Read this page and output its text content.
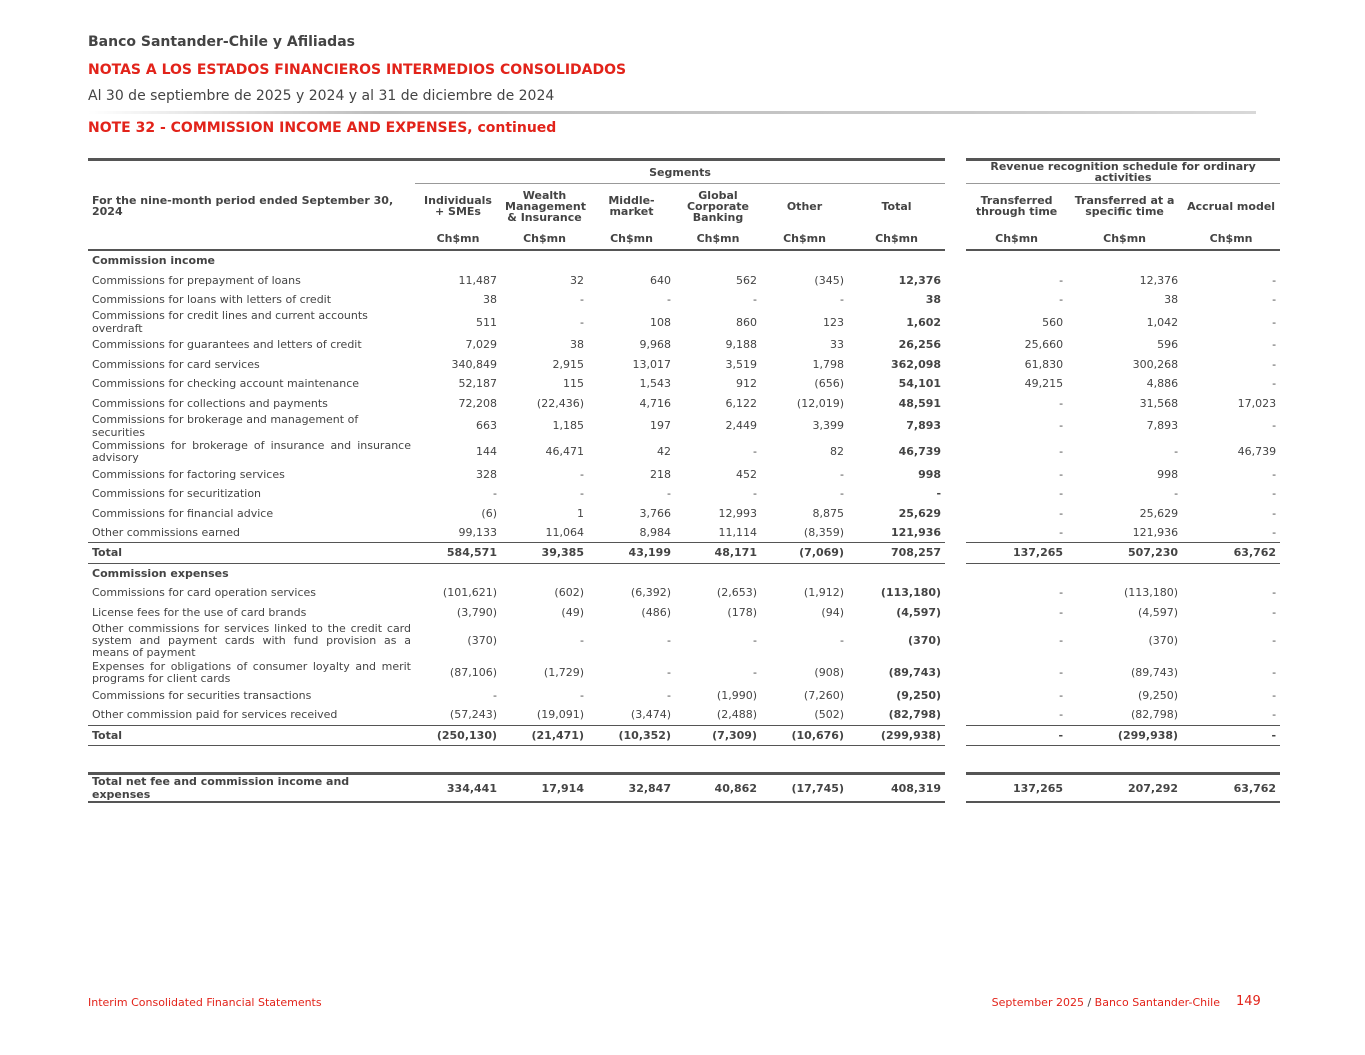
Banco Santander-Chile y Afiliadas
NOTAS A LOS ESTADOS FINANCIEROS INTERMEDIOS CONSOLIDADOS
Al 30 de septiembre de 2025 y 2024 y al 31 de diciembre de 2024
NOTE 32 - COMMISSION INCOME AND EXPENSES, continued
	Segments							Revenue recognition schedule for ordinary activities		
For the nine-month period ended September 30, 2024	Individuals + SMEs	Wealth Management & Insurance	Middle-market	Global Corporate Banking	Other	Total		Transferred through time	Transferred at a specific time	Accrual model
	Ch$mn	Ch$mn	Ch$mn	Ch$mn	Ch$mn	Ch$mn		Ch$mn	Ch$mn	Ch$mn
Commission income										
Commissions for prepayment of loans	11,487	32	640	562	(345)	12,376		-	12,376	-
Commissions for loans with letters of credit	38	-	-	-	-	38		-	38	-
Commissions for credit lines and current accounts overdraft	511	-	108	860	123	1,602		560	1,042	-
Commissions for guarantees and letters of credit	7,029	38	9,968	9,188	33	26,256		25,660	596	-
Commissions for card services	340,849	2,915	13,017	3,519	1,798	362,098		61,830	300,268	-
Commissions for checking account maintenance	52,187	115	1,543	912	(656)	54,101		49,215	4,886	-
Commissions for collections and payments	72,208	(22,436)	4,716	6,122	(12,019)	48,591		-	31,568	17,023
Commissions for brokerage and management of securities	663	1,185	197	2,449	3,399	7,893		-	7,893	-
Commissions for brokerage of insurance and insurance advisory	144	46,471	42	-	82	46,739		-	-	46,739
Commissions for factoring services	328	-	218	452	-	998		-	998	-
Commissions for securitization	-	-	-	-	-	-		-	-	-
Commissions for financial advice	(6)	1	3,766	12,993	8,875	25,629		-	25,629	-
Other commissions earned	99,133	11,064	8,984	11,114	(8,359)	121,936		-	121,936	-
Total	584,571	39,385	43,199	48,171	(7,069)	708,257		137,265	507,230	63,762
Commission expenses										
Commissions for card operation services	(101,621)	(602)	(6,392)	(2,653)	(1,912)	(113,180)		-	(113,180)	-
License fees for the use of card brands	(3,790)	(49)	(486)	(178)	(94)	(4,597)		-	(4,597)	-
Other commissions for services linked to the credit card system and payment cards with fund provision as a means of payment	(370)	-	-	-	-	(370)		-	(370)	-
Expenses for obligations of consumer loyalty and merit programs for client cards	(87,106)	(1,729)	-	-	(908)	(89,743)		-	(89,743)	-
Commissions for securities transactions	-	-	-	(1,990)	(7,260)	(9,250)		-	(9,250)	-
Other commission paid for services received	(57,243)	(19,091)	(3,474)	(2,488)	(502)	(82,798)		-	(82,798)	-
Total	(250,130)	(21,471)	(10,352)	(7,309)	(10,676)	(299,938)		-	(299,938)	-

Total net fee and commission income and expenses	334,441	17,914	32,847	40,862	(17,745)	408,319		137,265	207,292	63,762
Interim Consolidated Financial Statements	September 2025 / Banco Santander-Chile 149
